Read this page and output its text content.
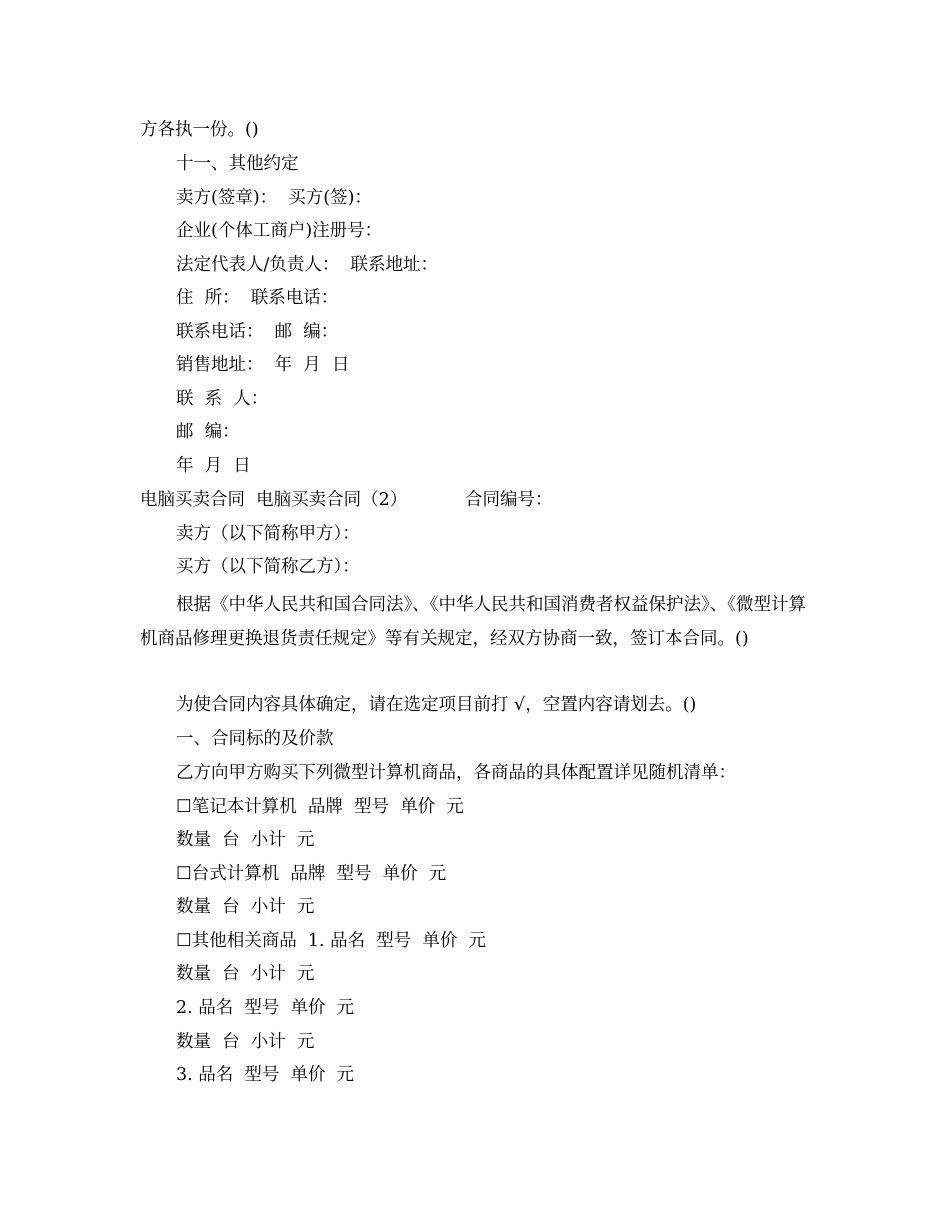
方各执一份。()
十一、其他约定
卖方(签章)：  买方(签)：
企业(个体工商户)注册号：
法定代表人/负责人：  联系地址：
住  所：  联系电话：
联系电话：  邮  编：
销售地址：  年  月  日
联  系  人：
邮  编：
年  月  日
电脑买卖合同  电脑买卖合同（2）	合同编号：
卖方（以下简称甲方）：
买方（以下简称乙方）：
根据《中华人民共和国合同法》、《中华人民共和国消费者权益保护法》、《微型计算机商品修理更换退货责任规定》等有关规定，经双方协商一致，签订本合同。()
为使合同内容具体确定，请在选定项目前打 √，空置内容请划去。()
一、合同标的及价款
乙方向甲方购买下列微型计算机商品，各商品的具体配置详见随机清单：
☐笔记本计算机  品牌  型号  单价  元
数量  台  小计  元
☐台式计算机  品牌  型号  单价  元
数量  台  小计  元
☐其他相关商品  1. 品名  型号  单价  元
数量  台  小计  元
2. 品名  型号  单价  元
数量  台  小计  元
3. 品名  型号  单价  元
